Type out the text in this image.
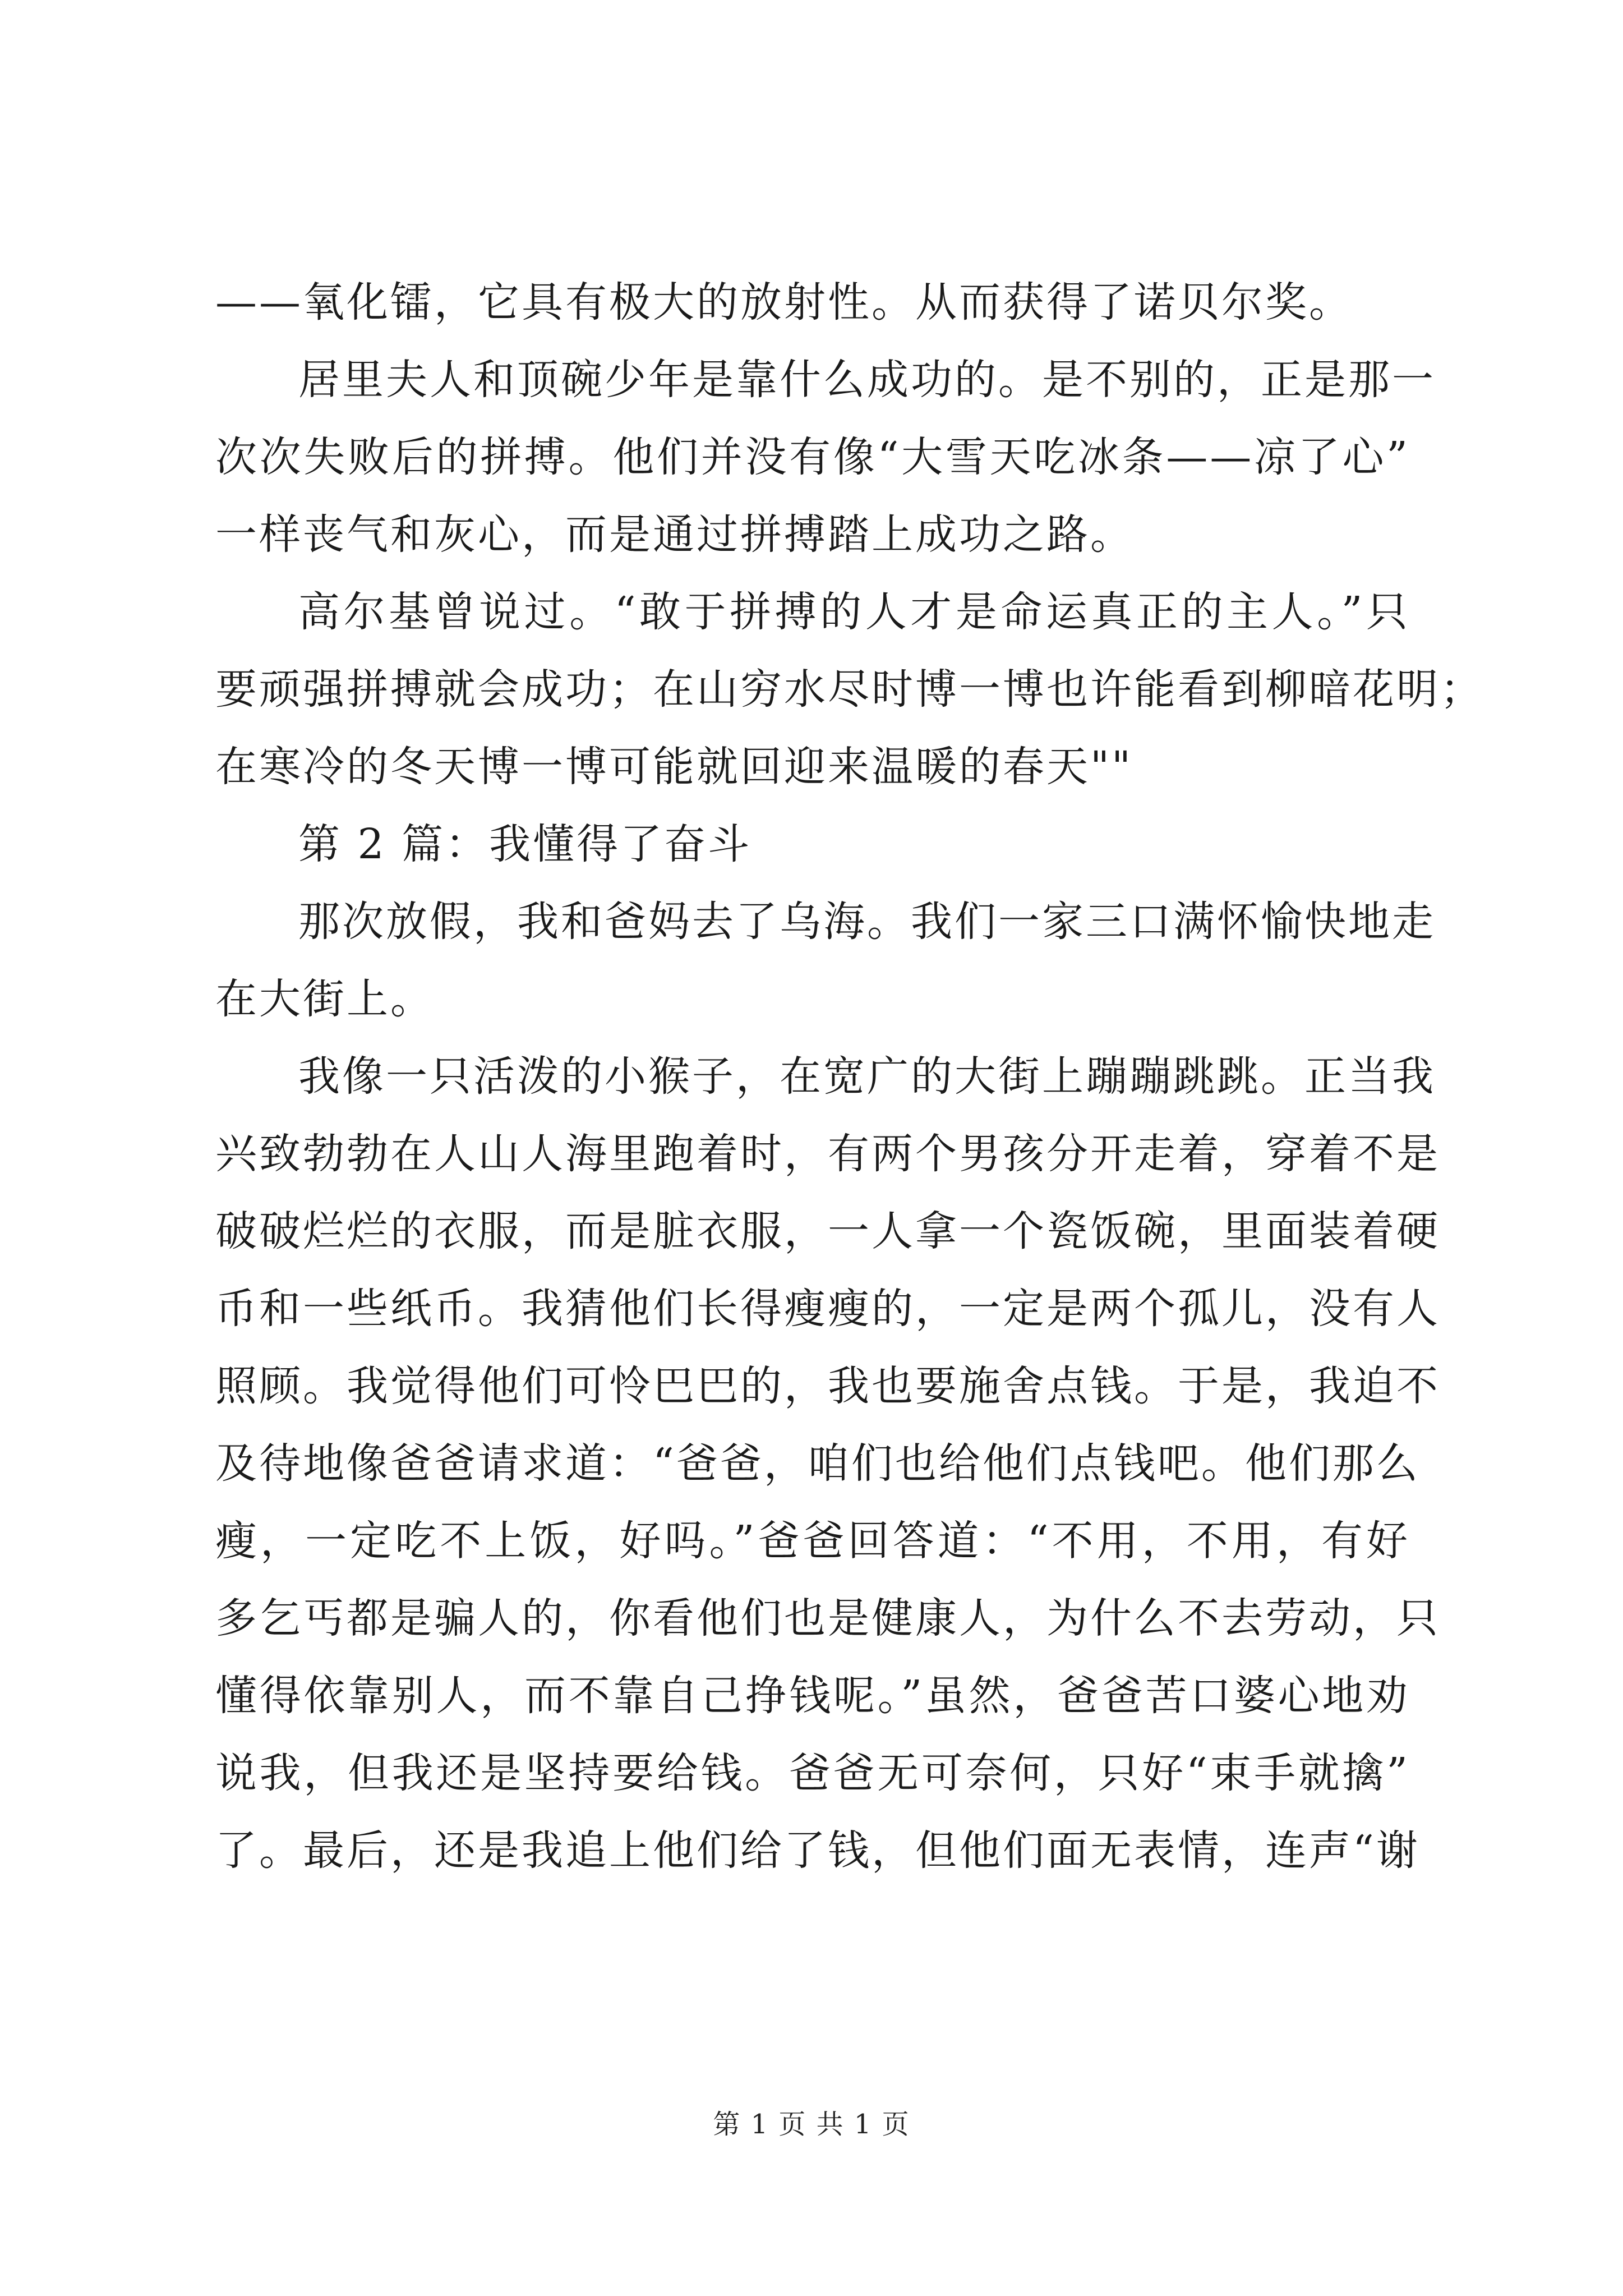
——氧化镭，它具有极大的放射性。从而获得了诺贝尔奖。

居里夫人和顶碗少年是靠什么成功的。是不别的，正是那一
次次失败后的拼搏。他们并没有像“大雪天吃冰条——凉了心”
一样丧气和灰心，而是通过拼搏踏上成功之路。

高尔基曾说过。“敢于拼搏的人才是命运真正的主人。”只
要顽强拼搏就会成功；在山穷水尽时博一博也许能看到柳暗花明；
在寒冷的冬天博一博可能就回迎来温暖的春天""

第 2 篇：我懂得了奋斗

那次放假，我和爸妈去了乌海。我们一家三口满怀愉快地走
在大街上。

我像一只活泼的小猴子，在宽广的大街上蹦蹦跳跳。正当我
兴致勃勃在人山人海里跑着时，有两个男孩分开走着，穿着不是
破破烂烂的衣服，而是脏衣服，一人拿一个瓷饭碗，里面装着硬
币和一些纸币。我猜他们长得瘦瘦的，一定是两个孤儿，没有人
照顾。我觉得他们可怜巴巴的，我也要施舍点钱。于是，我迫不
及待地像爸爸请求道：“爸爸，咱们也给他们点钱吧。他们那么
瘦，一定吃不上饭，好吗。”爸爸回答道：“不用，不用，有好
多乞丐都是骗人的，你看他们也是健康人，为什么不去劳动，只
懂得依靠别人，而不靠自己挣钱呢。”虽然，爸爸苦口婆心地劝
说我，但我还是坚持要给钱。爸爸无可奈何，只好“束手就擒”
了。最后，还是我追上他们给了钱，但他们面无表情，连声“谢

第 1 页 共 1 页
